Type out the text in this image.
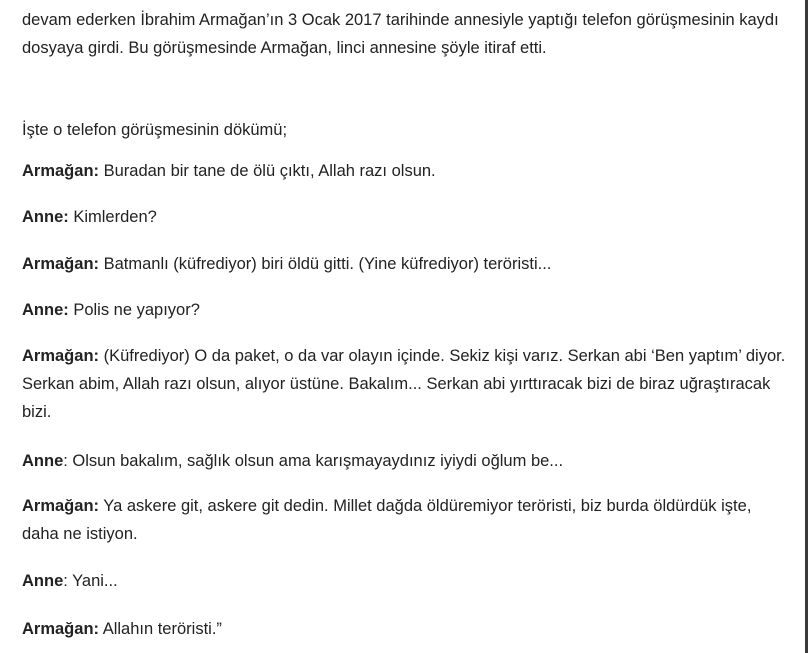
devam ederken İbrahim Armağan’ın 3 Ocak 2017 tarihinde annesiyle yaptığı telefon görüşmesinin kaydı dosyaya girdi. Bu görüşmesinde Armağan, linci annesine şöyle itiraf etti.

İşte o telefon görüşmesinin dökümü;

Armağan: Buradan bir tane de ölü çıktı, Allah razı olsun.

Anne: Kimlerden?

Armağan: Batmanlı (küfrediyor) biri öldü gitti. (Yine küfrediyor) teröristi...

Anne: Polis ne yapıyor?

Armağan: (Küfrediyor) O da paket, o da var olayın içinde. Sekiz kişi varız. Serkan abi ‘Ben yaptım’ diyor. Serkan abim, Allah razı olsun, alıyor üstüne. Bakalım... Serkan abi yırttıracak bizi de biraz uğraştıracak bizi.

Anne: Olsun bakalım, sağlık olsun ama karışmayaydınız iyiydi oğlum be...

Armağan: Ya askere git, askere git dedin. Millet dağda öldüremiyor teröristi, biz burda öldürdük işte, daha ne istiyon.

Anne: Yani...

Armağan: Allahın teröristi.”
